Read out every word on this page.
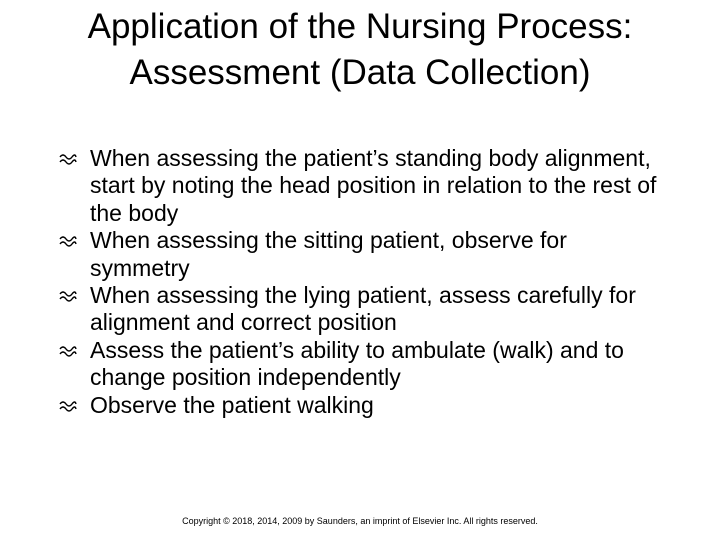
Application of the Nursing Process: Assessment (Data Collection)
When assessing the patient’s standing body alignment, start by noting the head position in relation to the rest of the body
When assessing the sitting patient, observe for symmetry
When assessing the lying patient, assess carefully for alignment and correct position
Assess the patient’s ability to ambulate (walk) and to change position independently
Observe the patient walking
Copyright © 2018, 2014, 2009 by Saunders, an imprint of Elsevier Inc. All rights reserved.
